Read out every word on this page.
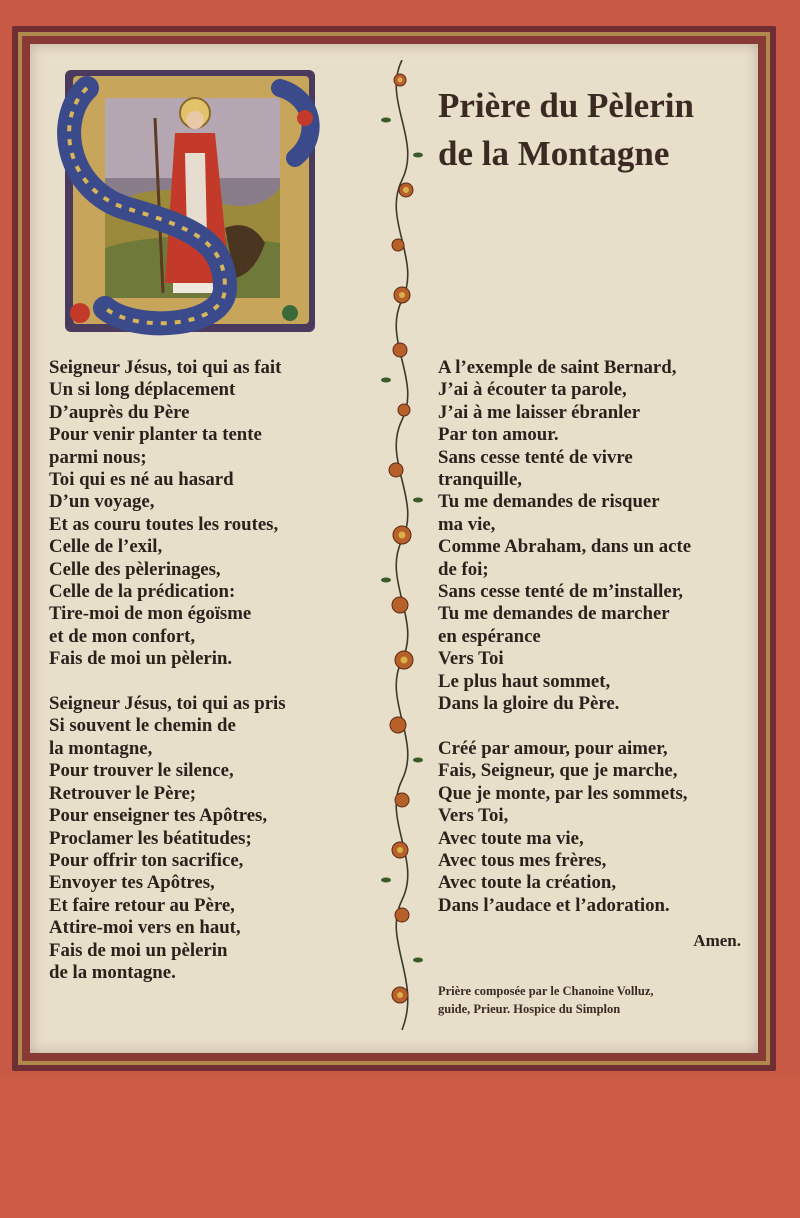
Prière du Pèlerin
de la Montagne
Seigneur Jésus, toi qui as fait
Un si long déplacement
D’auprès du Père
Pour venir planter ta tente
parmi nous;
Toi qui es né au hasard
D’un voyage,
Et as couru toutes les routes,
Celle de l’exil,
Celle des pèlerinages,
Celle de la prédication:
Tire-moi de mon égoïsme
et de mon confort,
Fais de moi un pèlerin.
Seigneur Jésus, toi qui as pris
Si souvent le chemin de
la montagne,
Pour trouver le silence,
Retrouver le Père;
Pour enseigner tes Apôtres,
Proclamer les béatitudes;
Pour offrir ton sacrifice,
Envoyer tes Apôtres,
Et faire retour au Père,
Attire-moi vers en haut,
Fais de moi un pèlerin
de la montagne.
A l’exemple de saint Bernard,
J’ai à écouter ta parole,
J’ai à me laisser ébranler
Par ton amour.
Sans cesse tenté de vivre
tranquille,
Tu me demandes de risquer
ma vie,
Comme Abraham, dans un acte
de foi;
Sans cesse tenté de m’installer,
Tu me demandes de marcher
en espérance
Vers Toi
Le plus haut sommet,
Dans la gloire du Père.
Créé par amour, pour aimer,
Fais, Seigneur, que je marche,
Que je monte, par les sommets,
Vers Toi,
Avec toute ma vie,
Avec tous mes frères,
Avec toute la création,
Dans l’audace et l’adoration.
Amen.
Prière composée par le Chanoine Volluz,
guide, Prieur. Hospice du Simplon
